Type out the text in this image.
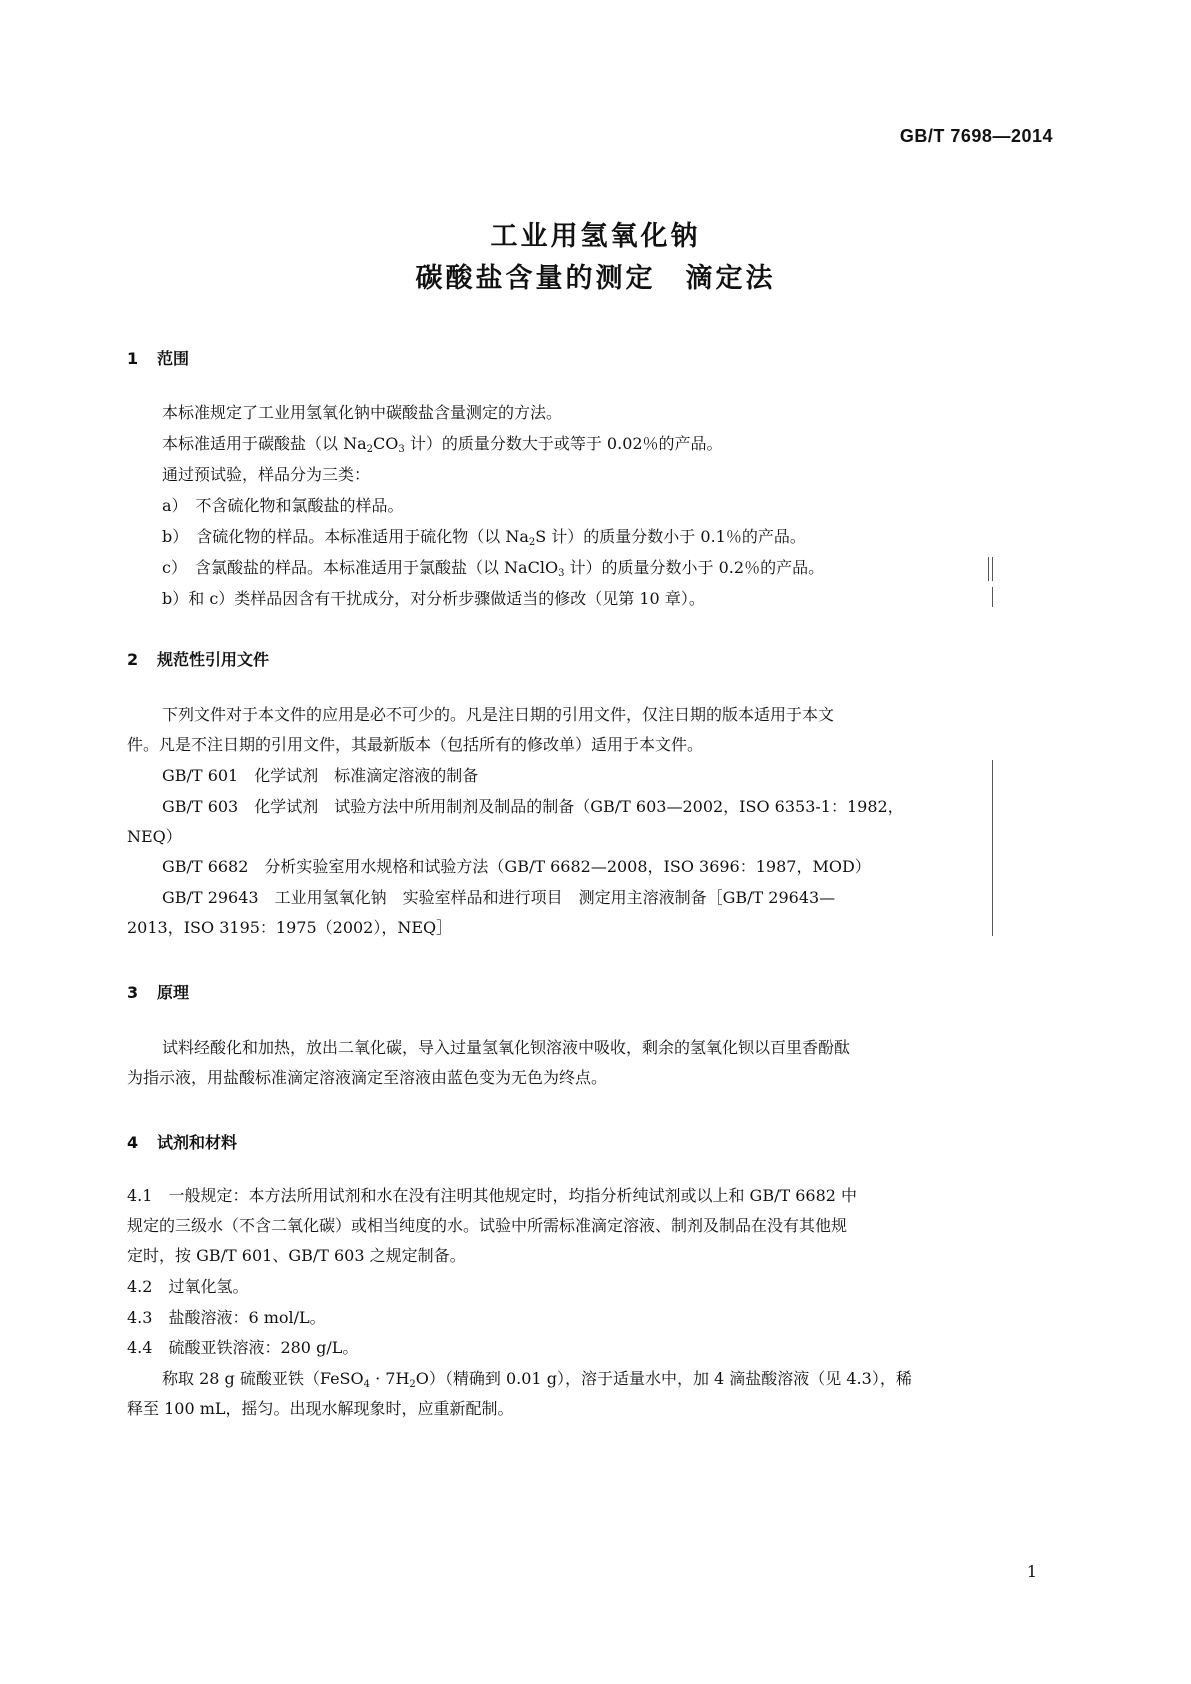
GB/T 7698—2014
工业用氢氧化钠
碳酸盐含量的测定　滴定法
1 范围
本标准规定了工业用氢氧化钠中碳酸盐含量测定的方法。
本标准适用于碳酸盐（以 $Na_2CO_3$ 计）的质量分数大于或等于 0.02％的产品。
通过预试验，样品分为三类：
a）　不含硫化物和氯酸盐的样品。
b）　含硫化物的样品。本标准适用于硫化物（以 $Na_2S$ 计）的质量分数小于 0.1％的产品。
c）　含氯酸盐的样品。本标准适用于氯酸盐（以 NaClO$_3$ 计）的质量分数小于 0.2％的产品。
b）和 c）类样品因含有干扰成分，对分析步骤做适当的修改（见第 10 章）。
2 规范性引用文件
下列文件对于本文件的应用是必不可少的。凡是注日期的引用文件，仅注日期的版本适用于本文
件。凡是不注日期的引用文件，其最新版本（包括所有的修改单）适用于本文件。
GB/T 601　化学试剂　标准滴定溶液的制备
GB/T 603　化学试剂　试验方法中所用制剂及制品的制备（GB/T 603—2002，ISO 6353-1：1982，
NEQ）
GB/T 6682　分析实验室用水规格和试验方法（GB/T 6682—2008，ISO 3696：1987，MOD）
GB/T 29643　工业用氢氧化钠　实验室样品和进行项目　测定用主溶液制备［GB/T 29643—
2013，ISO 3195：1975（2002），NEQ］
3 原理
试料经酸化和加热，放出二氧化碳，导入过量氢氧化钡溶液中吸收，剩余的氢氧化钡以百里香酚酞
为指示液，用盐酸标准滴定溶液滴定至溶液由蓝色变为无色为终点。
4 试剂和材料
4.1　一般规定：本方法所用试剂和水在没有注明其他规定时，均指分析纯试剂或以上和 GB/T 6682 中
规定的三级水（不含二氧化碳）或相当纯度的水。试验中所需标准滴定溶液、制剂及制品在没有其他规
定时，按 GB/T 601、GB/T 603 之规定制备。
4.2　过氧化氢。
4.3　盐酸溶液：6 mol/L。
4.4　硫酸亚铁溶液：280 g/L。
称取 28 g 硫酸亚铁（FeSO$_4$ · $7H_2O$）（精确到 0.01 g），溶于适量水中，加 4 滴盐酸溶液（见 4.3），稀
释至 100 mL，摇匀。出现水解现象时，应重新配制。
1
